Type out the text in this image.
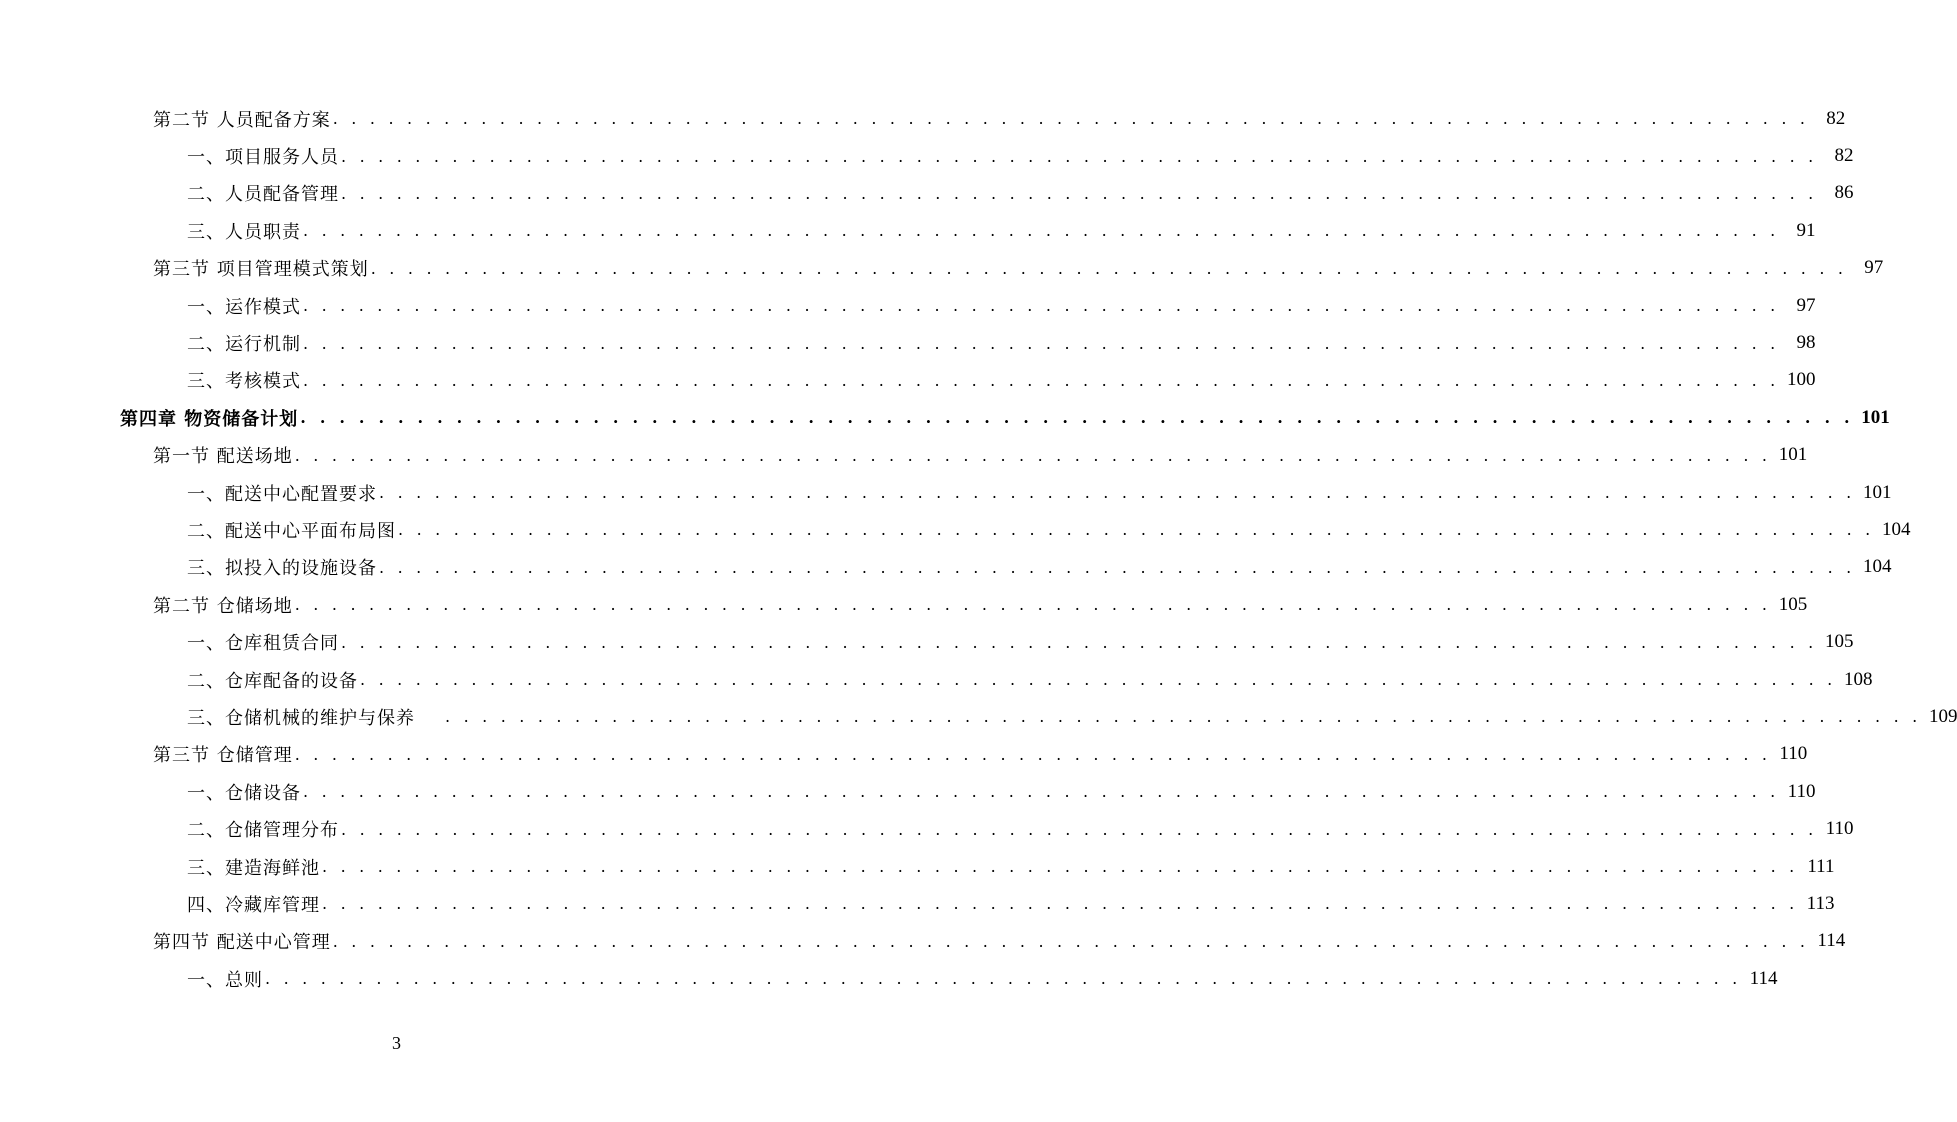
第二节 人员配备方案 . . . . . . . . . . . . . . . . . . . . . . . . . . . . . . . . . . . . . . . . . . . . . . . . . . . . . . . . . . . . . . . . . . . . . . . . . . . . . . . . 82
一、项目服务人员 . . . . . . . . . . . . . . . . . . . . . . . . . . . . . . . . . . . . . . . . . . . . . . . . . . . . . . . . . . . . . . . . . . . . . . . . . . . . . . . . 82
二、人员配备管理 . . . . . . . . . . . . . . . . . . . . . . . . . . . . . . . . . . . . . . . . . . . . . . . . . . . . . . . . . . . . . . . . . . . . . . . . . . . . . . . . 86
三、人员职责 . . . . . . . . . . . . . . . . . . . . . . . . . . . . . . . . . . . . . . . . . . . . . . . . . . . . . . . . . . . . . . . . . . . . . . . . . . . . . . . . 91
第三节 项目管理模式策划 . . . . . . . . . . . . . . . . . . . . . . . . . . . . . . . . . . . . . . . . . . . . . . . . . . . . . . . . . . . . . . . . . . . . . . . . . . . . . . . . 97
一、运作模式 . . . . . . . . . . . . . . . . . . . . . . . . . . . . . . . . . . . . . . . . . . . . . . . . . . . . . . . . . . . . . . . . . . . . . . . . . . . . . . . . 97
二、运行机制 . . . . . . . . . . . . . . . . . . . . . . . . . . . . . . . . . . . . . . . . . . . . . . . . . . . . . . . . . . . . . . . . . . . . . . . . . . . . . . . . 98
三、考核模式 . . . . . . . . . . . . . . . . . . . . . . . . . . . . . . . . . . . . . . . . . . . . . . . . . . . . . . . . . . . . . . . . . . . . . . . . . . . . . . . . 100
第四章 物资储备计划 . . . . . . . . . . . . . . . . . . . . . . . . . . . . . . . . . . . . . . . . . . . . . . . . . . . . . . . . . . . . . . . . . . . . . . . . . . . . . . . . 101
第一节 配送场地 . . . . . . . . . . . . . . . . . . . . . . . . . . . . . . . . . . . . . . . . . . . . . . . . . . . . . . . . . . . . . . . . . . . . . . . . . . . . . . . . 101
一、配送中心配置要求 . . . . . . . . . . . . . . . . . . . . . . . . . . . . . . . . . . . . . . . . . . . . . . . . . . . . . . . . . . . . . . . . . . . . . . . . . . . . . . . . 101
二、配送中心平面布局图 . . . . . . . . . . . . . . . . . . . . . . . . . . . . . . . . . . . . . . . . . . . . . . . . . . . . . . . . . . . . . . . . . . . . . . . . . . . . . . . . 104
三、拟投入的设施设备 . . . . . . . . . . . . . . . . . . . . . . . . . . . . . . . . . . . . . . . . . . . . . . . . . . . . . . . . . . . . . . . . . . . . . . . . . . . . . . . . 104
第二节 仓储场地 . . . . . . . . . . . . . . . . . . . . . . . . . . . . . . . . . . . . . . . . . . . . . . . . . . . . . . . . . . . . . . . . . . . . . . . . . . . . . . . . 105
一、仓库租赁合同 . . . . . . . . . . . . . . . . . . . . . . . . . . . . . . . . . . . . . . . . . . . . . . . . . . . . . . . . . . . . . . . . . . . . . . . . . . . . . . . . 105
二、仓库配备的设备 . . . . . . . . . . . . . . . . . . . . . . . . . . . . . . . . . . . . . . . . . . . . . . . . . . . . . . . . . . . . . . . . . . . . . . . . . . . . . . . . 108
三、仓储机械的维护与保养 . . . . . . . . . . . . . . . . . . . . . . . . . . . . . . . . . . . . . . . . . . . . . . . . . . . . . . . . . . . . . . . . . . . . . . . . . . . . . . . . 109
第三节 仓储管理 . . . . . . . . . . . . . . . . . . . . . . . . . . . . . . . . . . . . . . . . . . . . . . . . . . . . . . . . . . . . . . . . . . . . . . . . . . . . . . . . 110
一、仓储设备 . . . . . . . . . . . . . . . . . . . . . . . . . . . . . . . . . . . . . . . . . . . . . . . . . . . . . . . . . . . . . . . . . . . . . . . . . . . . . . . . 110
二、仓储管理分布 . . . . . . . . . . . . . . . . . . . . . . . . . . . . . . . . . . . . . . . . . . . . . . . . . . . . . . . . . . . . . . . . . . . . . . . . . . . . . . . . 110
三、建造海鲜池 . . . . . . . . . . . . . . . . . . . . . . . . . . . . . . . . . . . . . . . . . . . . . . . . . . . . . . . . . . . . . . . . . . . . . . . . . . . . . . . . 111
四、冷藏库管理 . . . . . . . . . . . . . . . . . . . . . . . . . . . . . . . . . . . . . . . . . . . . . . . . . . . . . . . . . . . . . . . . . . . . . . . . . . . . . . . . 113
第四节 配送中心管理 . . . . . . . . . . . . . . . . . . . . . . . . . . . . . . . . . . . . . . . . . . . . . . . . . . . . . . . . . . . . . . . . . . . . . . . . . . . . . . . . 114
一、总则 . . . . . . . . . . . . . . . . . . . . . . . . . . . . . . . . . . . . . . . . . . . . . . . . . . . . . . . . . . . . . . . . . . . . . . . . . . . . . . . . 114
3
